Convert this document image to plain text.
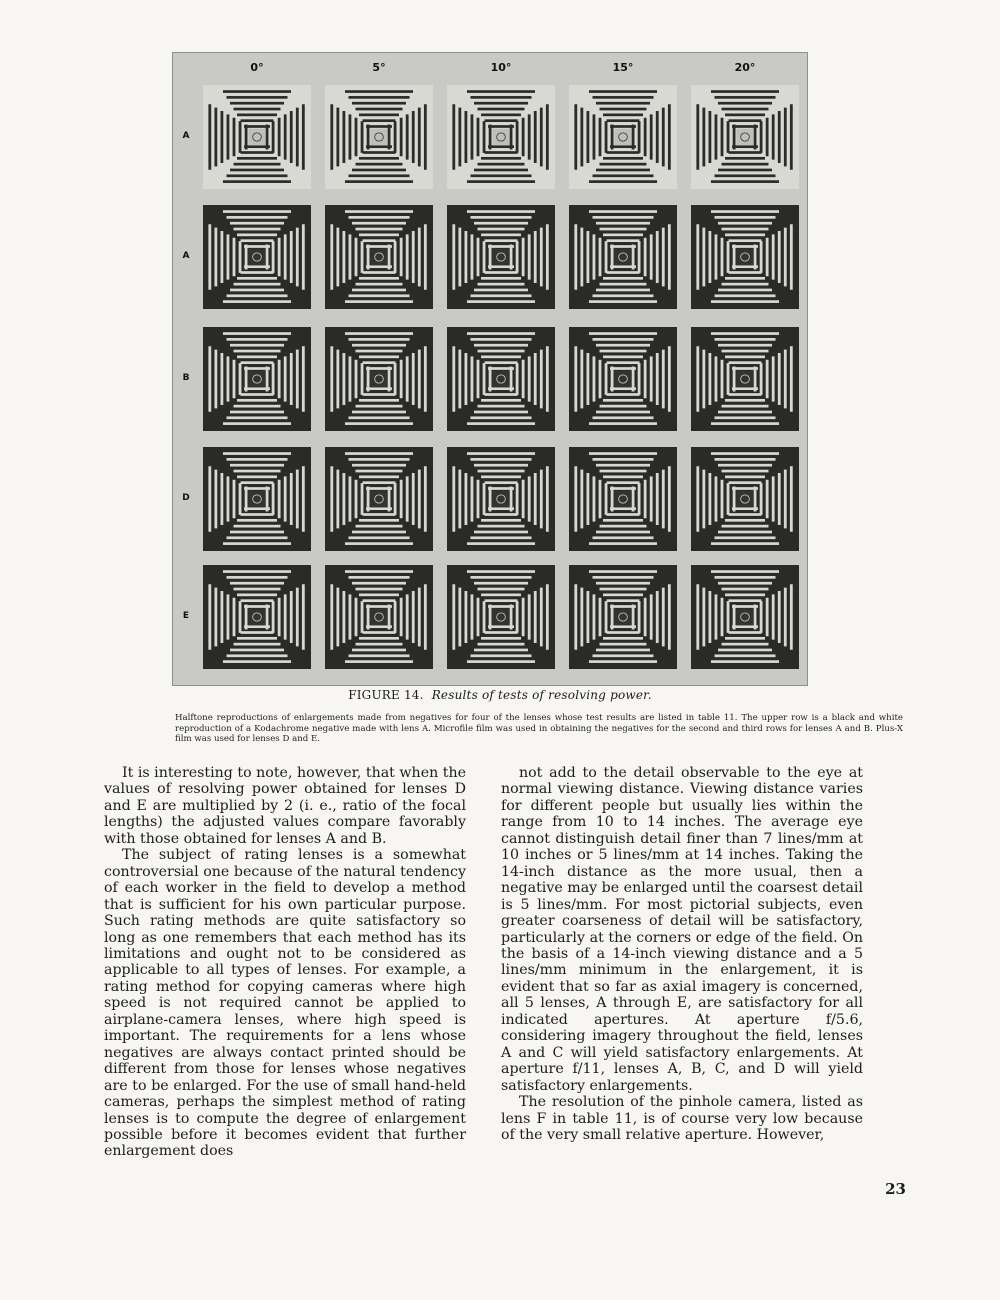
0°	5°	10°	15°	20°
A
A
B
D
E
FIGURE 14. Results of tests of resolving power.
Halftone reproductions of enlargements made from negatives for four of the lenses whose test results are listed in table 11. The upper row is a black and white reproduction of a Kodachrome negative made with lens A. Microfile film was used in obtaining the negatives for the second and third rows for lenses A and B. Plus-X film was used for lenses D and E.

It is interesting to note, however, that when the values of resolving power obtained for lenses D and E are multiplied by 2 (i. e., ratio of the focal lengths) the adjusted values compare favorably with those obtained for lenses A and B.

The subject of rating lenses is a somewhat controversial one because of the natural tendency of each worker in the field to develop a method that is sufficient for his own particular purpose. Such rating methods are quite satisfactory so long as one remembers that each method has its limitations and ought not to be considered as applicable to all types of lenses. For example, a rating method for copying cameras where high speed is not required cannot be applied to airplane-camera lenses, where high speed is important. The requirements for a lens whose negatives are always contact printed should be different from those for lenses whose negatives are to be enlarged. For the use of small hand-held cameras, perhaps the simplest method of rating lenses is to compute the degree of enlargement possible before it becomes evident that further enlargement does

not add to the detail observable to the eye at normal viewing distance. Viewing distance varies for different people but usually lies within the range from 10 to 14 inches. The average eye cannot distinguish detail finer than 7 lines/mm at 10 inches or 5 lines/mm at 14 inches. Taking the 14-inch distance as the more usual, then a negative may be enlarged until the coarsest detail is 5 lines/mm. For most pictorial subjects, even greater coarseness of detail will be satisfactory, particularly at the corners or edge of the field. On the basis of a 14-inch viewing distance and a 5 lines/mm minimum in the enlargement, it is evident that so far as axial imagery is concerned, all 5 lenses, A through E, are satisfactory for all indicated apertures. At aperture f/5.6, considering imagery throughout the field, lenses A and C will yield satisfactory enlargements. At aperture f/11, lenses A, B, C, and D will yield satisfactory enlargements.

The resolution of the pinhole camera, listed as lens F in table 11, is of course very low because of the very small relative aperture. However,

23
